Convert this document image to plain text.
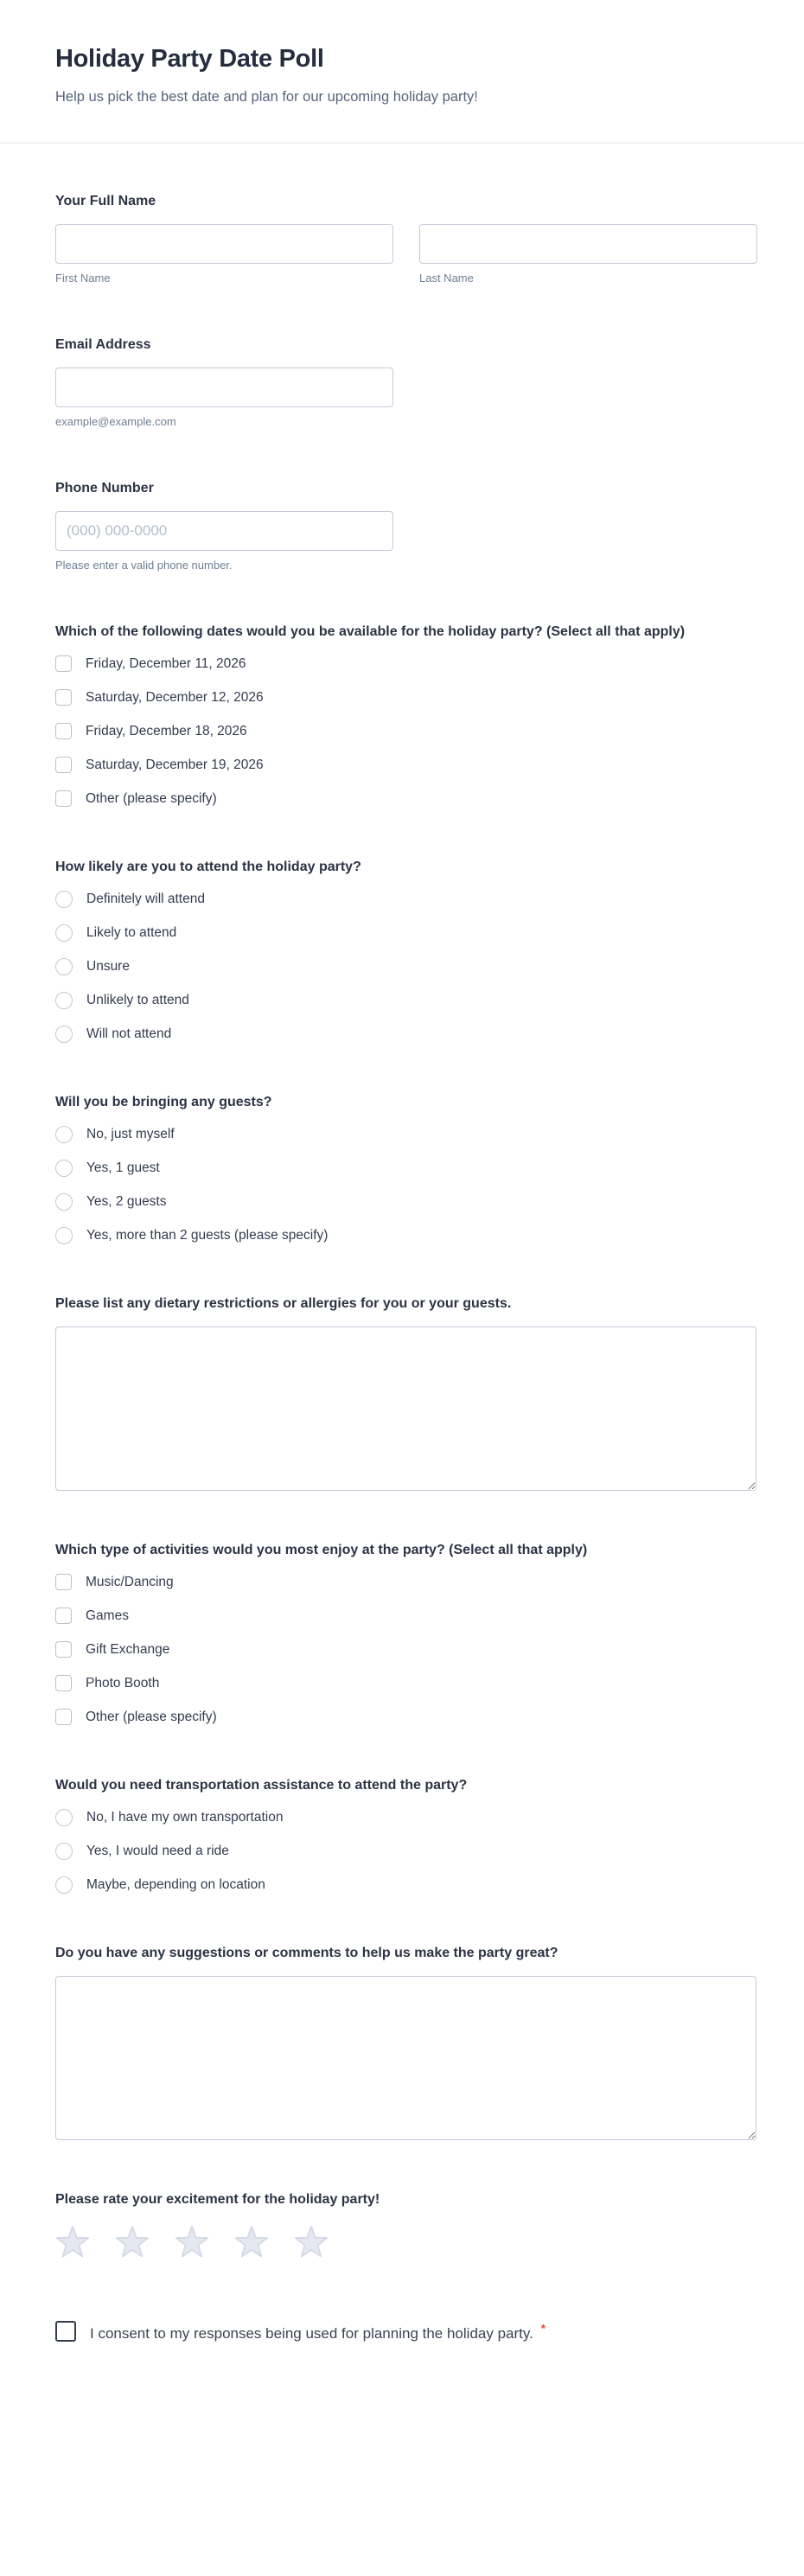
Holiday Party Date Poll
Help us pick the best date and plan for our upcoming holiday party!
Your Full Name
First Name	Last Name
Email Address
example@example.com
Phone Number
(000) 000-0000
Please enter a valid phone number.
Which of the following dates would you be available for the holiday party? (Select all that apply)
Friday, December 11, 2026
Saturday, December 12, 2026
Friday, December 18, 2026
Saturday, December 19, 2026
Other (please specify)
How likely are you to attend the holiday party?
Definitely will attend
Likely to attend
Unsure
Unlikely to attend
Will not attend
Will you be bringing any guests?
No, just myself
Yes, 1 guest
Yes, 2 guests
Yes, more than 2 guests (please specify)
Please list any dietary restrictions or allergies for you or your guests.
Which type of activities would you most enjoy at the party? (Select all that apply)
Music/Dancing
Games
Gift Exchange
Photo Booth
Other (please specify)
Would you need transportation assistance to attend the party?
No, I have my own transportation
Yes, I would need a ride
Maybe, depending on location
Do you have any suggestions or comments to help us make the party great?
Please rate your excitement for the holiday party!
I consent to my responses being used for planning the holiday party. *
